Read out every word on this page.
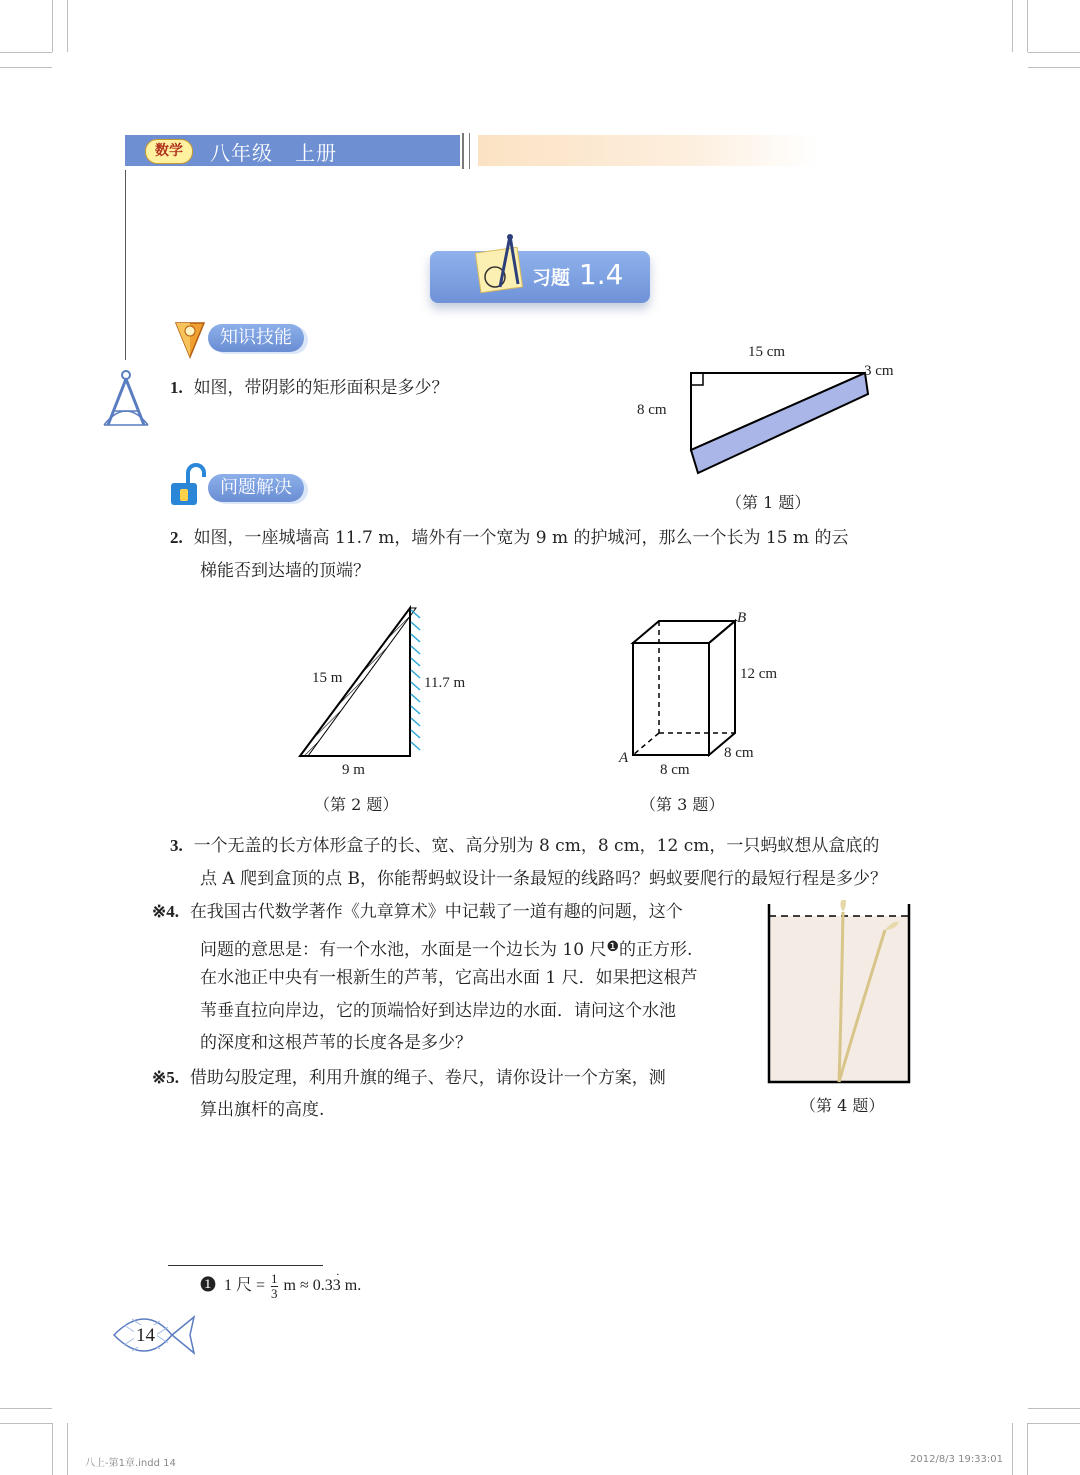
数学	八年级   上册
习题 1.4
知识技能
1. 如图，带阴影的矩形面积是多少？
15 cm
3 cm
8 cm
（第 1 题）
问题解决
2. 如图，一座城墙高 11.7 m，墙外有一个宽为 9 m 的护城河，那么一个长为 15 m 的云
梯能否到达墙的顶端？
15 m	11.7 m
9 m
（第 2 题）
B
12 cm
8 cm
A
8 cm
（第 3 题）
3. 一个无盖的长方体形盒子的长、宽、高分别为 8 cm，8 cm，12 cm，一只蚂蚁想从盒底的
点 A 爬到盒顶的点 B，你能帮蚂蚁设计一条最短的线路吗？蚂蚁要爬行的最短行程是多少？
※4. 在我国古代数学著作《九章算术》中记载了一道有趣的问题，这个
问题的意思是：有一个水池，水面是一个边长为 10 尺$^❶$的正方形.
在水池正中央有一根新生的芦苇，它高出水面 1 尺．如果把这根芦
苇垂直拉向岸边，它的顶端恰好到达岸边的水面．请问这个水池
的深度和这根芦苇的长度各是多少？
（第 4 题）
※5. 借助勾股定理，利用升旗的绳子、卷尺，请你设计一个方案，测
算出旗杆的高度.
❶ 1 尺 = $\frac{1}{3}$ m ≈ 0.33
·
m.
14
八上-第1章.indd 14	2012/8/3 19:33:01
